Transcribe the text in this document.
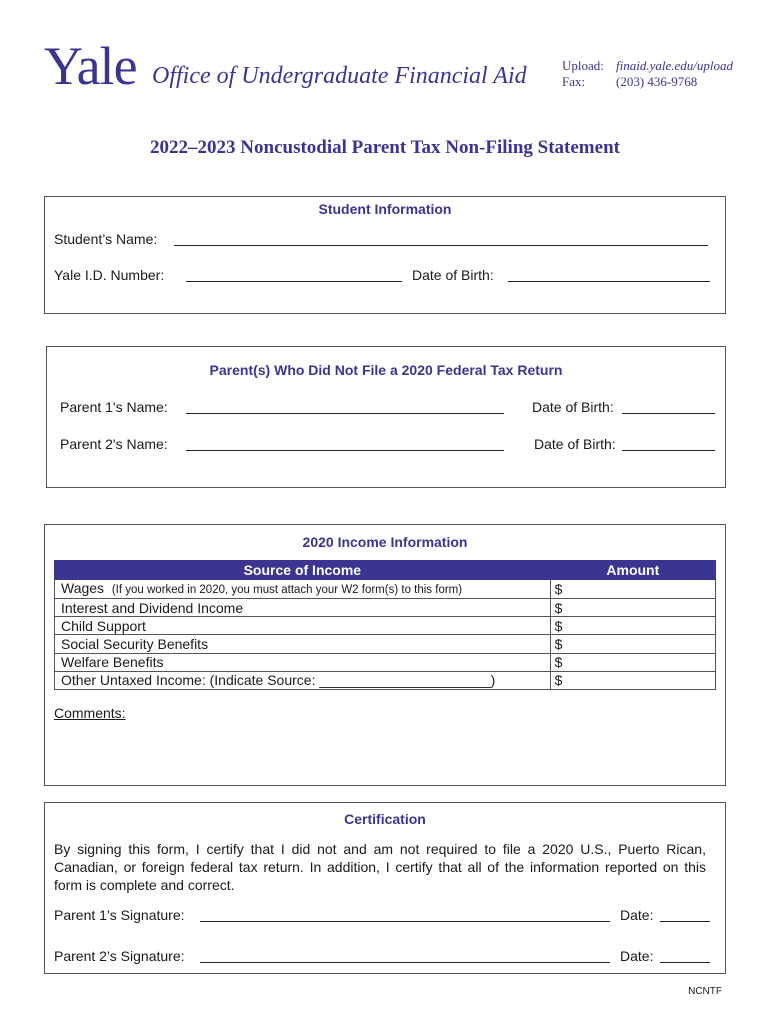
Yale Office of Undergraduate Financial Aid	Upload: finaid.yale.edu/upload
Fax: (203) 436-9768
2022–2023 Noncustodial Parent Tax Non-Filing Statement
Student Information
Student’s Name:
Yale I.D. Number:	Date of Birth:
Parent(s) Who Did Not File a 2020 Federal Tax Return
Parent 1's Name:	Date of Birth:
Parent 2's Name:	Date of Birth:
2020 Income Information
Source of Income	Amount
Wages (If you worked in 2020, you must attach your W2 form(s) to this form)	$
Interest and Dividend Income	$
Child Support	$
Social Security Benefits	$
Welfare Benefits	$
Other Untaxed Income: (Indicate Source: ______________________)	$
Comments:
Certification
By signing this form, I certify that I did not and am not required to file a 2020 U.S., Puerto Rican, Canadian, or foreign federal tax return. In addition, I certify that all of the information reported on this form is complete and correct.
Parent 1’s Signature:	Date:
Parent 2’s Signature:	Date:
NCNTF
